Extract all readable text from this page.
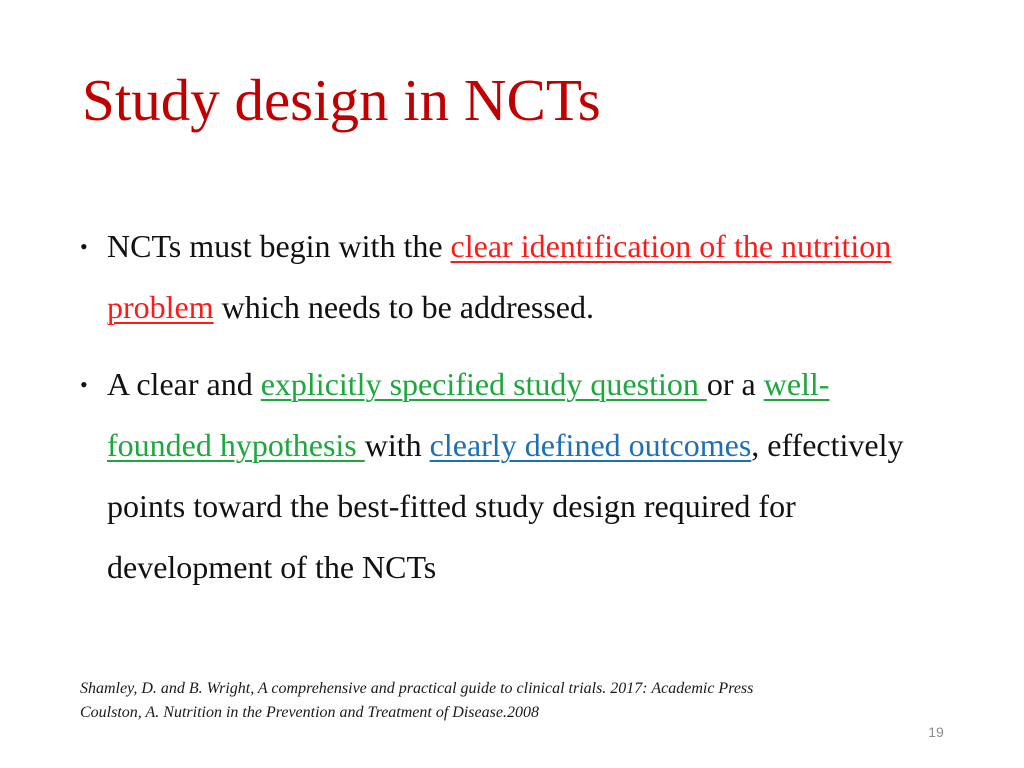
Study design in NCTs
• NCTs must begin with the clear identification of the nutrition problem which needs to be addressed.
• A clear and explicitly specified study question or a well-founded hypothesis with clearly defined outcomes, effectively points toward the best-fitted study design required for development of the NCTs
Shamley, D. and B. Wright, A comprehensive and practical guide to clinical trials. 2017: Academic Press
Coulston, A. Nutrition in the Prevention and Treatment of Disease.2008
19
